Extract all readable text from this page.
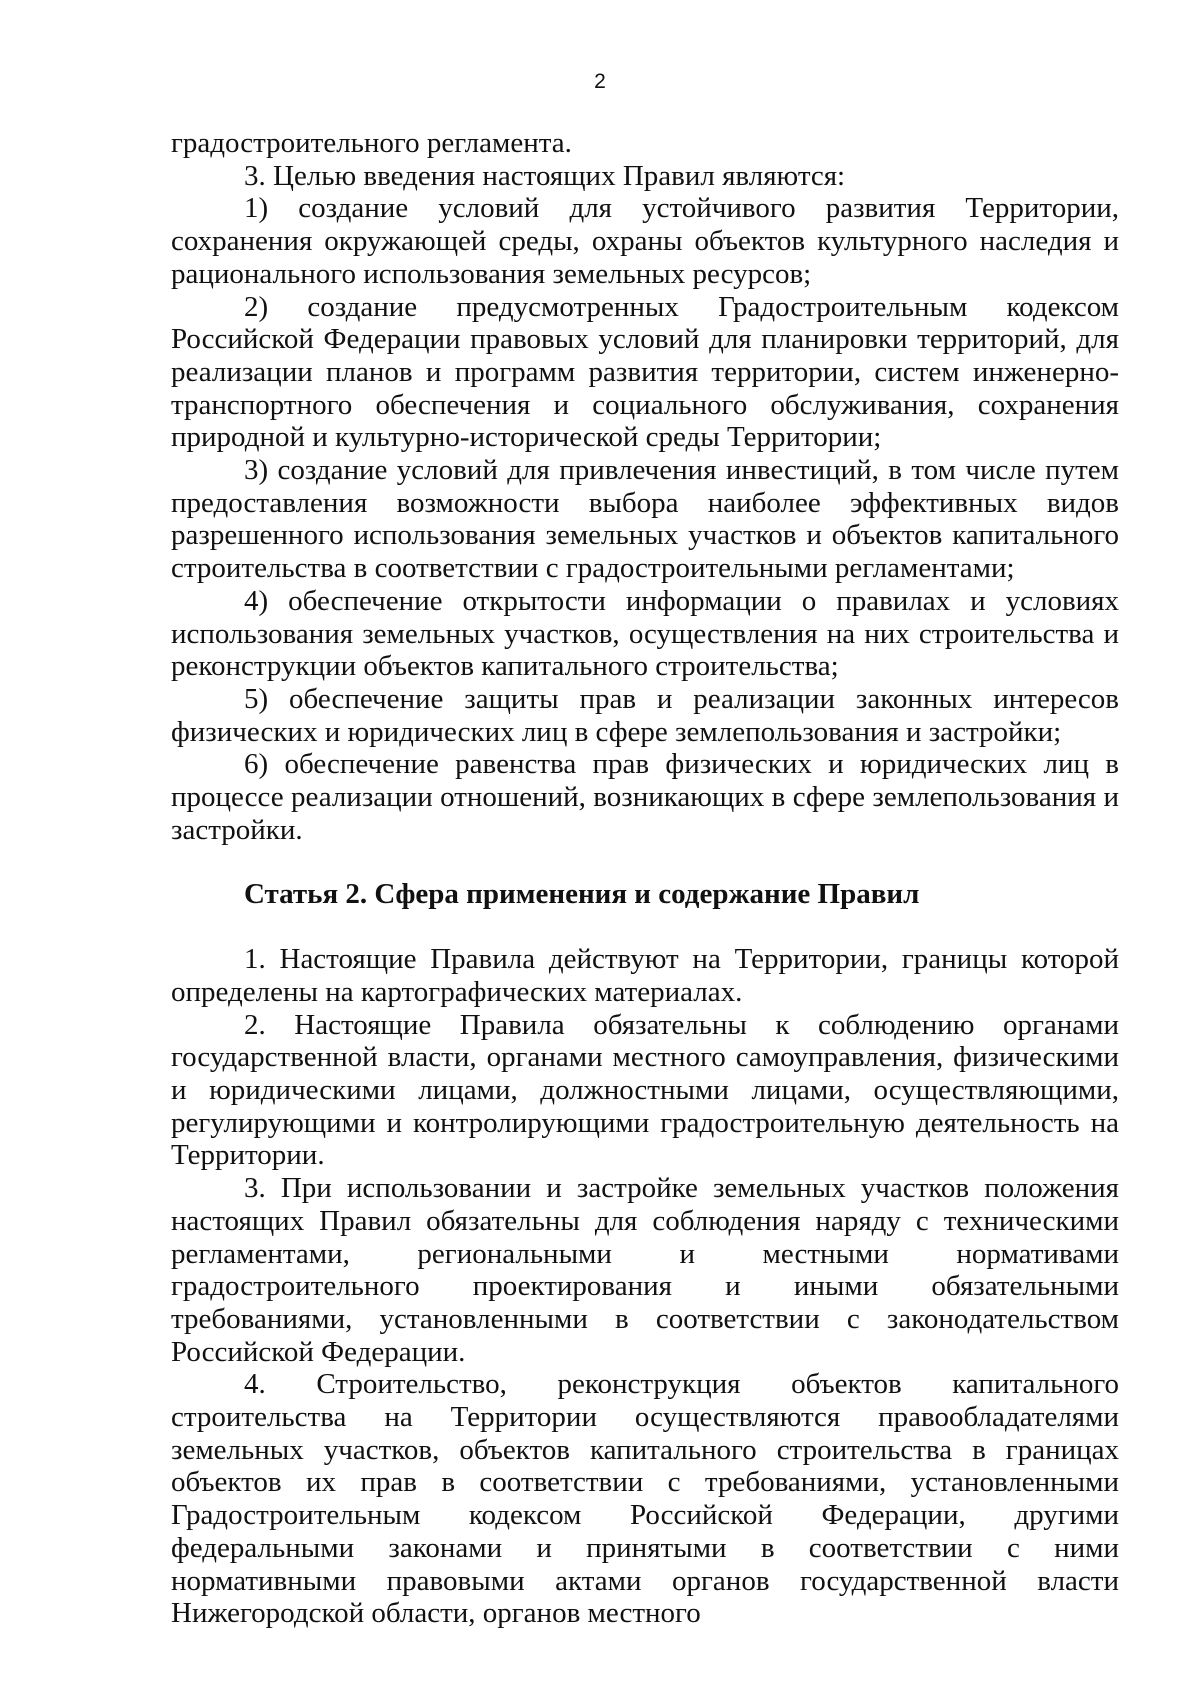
2

градостроительного регламента.

3. Целью введения настоящих Правил являются:

1) создание условий для устойчивого развития Территории, сохранения окружающей среды, охраны объектов культурного наследия и рационального использования земельных ресурсов;

2) создание предусмотренных Градостроительным кодексом Российской Федерации правовых условий для планировки территорий, для реализации планов и программ развития территории, систем инженерно-транспортного обеспечения и социального обслуживания, сохранения природной и культурно-исторической среды Территории;

3) создание условий для привлечения инвестиций, в том числе путем предоставления возможности выбора наиболее эффективных видов разрешенного использования земельных участков и объектов капитального строительства в соответствии с градостроительными регламентами;

4) обеспечение открытости информации о правилах и условиях использования земельных участков, осуществления на них строительства и реконструкции объектов капитального строительства;

5) обеспечение защиты прав и реализации законных интересов физических и юридических лиц в сфере землепользования и застройки;

6) обеспечение равенства прав физических и юридических лиц в процессе реализации отношений, возникающих в сфере землепользования и застройки.

Статья 2. Сфера применения и содержание Правил

1. Настоящие Правила действуют на Территории, границы которой определены на картографических материалах.

2. Настоящие Правила обязательны к соблюдению органами государственной власти, органами местного самоуправления, физическими и юридическими лицами, должностными лицами, осуществляющими, регулирующими и контролирующими градостроительную деятельность на Территории.

3. При использовании и застройке земельных участков положения настоящих Правил обязательны для соблюдения наряду с техническими регламентами, региональными и местными нормативами градостроительного проектирования и иными обязательными требованиями, установленными в соответствии с законодательством Российской Федерации.

4. Строительство, реконструкция объектов капитального строительства на Территории осуществляются правообладателями земельных участков, объектов капитального строительства в границах объектов их прав в соответствии с требованиями, установленными Градостроительным кодексом Российской Федерации, другими федеральными законами и принятыми в соответствии с ними нормативными правовыми актами органов государственной власти Нижегородской области, органов местного
